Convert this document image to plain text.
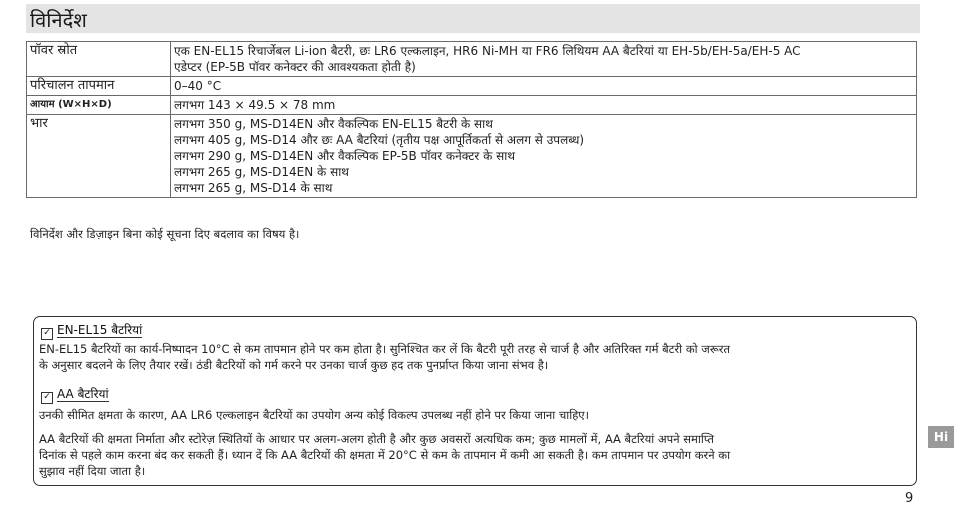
विनिर्देश
पॉवर स्रोत	एक EN-EL15 रिचार्जेबल Li-ion बैटरी, छः LR6 एल्कलाइन, HR6 Ni-MH या FR6 लिथियम AA बैटरियां या EH-5b/EH-5a/EH-5 AC
एडेप्टर (EP-5B पॉवर कनेक्टर की आवश्यकता होती है)

परिचालन तापमान	0–40 °C

आयाम (W×H×D)	लगभग 143 × 49.5 × 78 mm

भार	लगभग 350 g, MS-D14EN और वैकल्पिक EN-EL15 बैटरी के साथ
लगभग 405 g, MS-D14 और छः AA बैटरियां (तृतीय पक्ष आपूर्तिकर्ता से अलग से उपलब्ध)
लगभग 290 g, MS-D14EN और वैकल्पिक EP-5B पॉवर कनेक्टर के साथ
लगभग 265 g, MS-D14EN के साथ
लगभग 265 g, MS-D14 के साथ
विनिर्देश और डिज़ाइन बिना कोई सूचना दिए बदलाव का विषय है।
✓ EN-EL15 बैटरियां
EN-EL15 बैटरियों का कार्य-निष्पादन 10°C से कम तापमान होने पर कम होता है। सुनिश्चित कर लें कि बैटरी पूरी तरह से चार्ज है और अतिरिक्त गर्म बैटरी को जरूरत
के अनुसार बदलने के लिए तैयार रखें। ठंडी बैटरियों को गर्म करने पर उनका चार्ज कुछ हद तक पुनर्प्राप्त किया जाना संभव है।
✓ AA बैटरियां
उनकी सीमित क्षमता के कारण, AA LR6 एल्कलाइन बैटरियों का उपयोग अन्य कोई विकल्प उपलब्ध नहीं होने पर किया जाना चाहिए।
AA बैटरियों की क्षमता निर्माता और स्टोरेज़ स्थितियों के आधार पर अलग-अलग होती है और कुछ अवसरों अत्यधिक कम; कुछ मामलों में, AA बैटरियां अपने समाप्ति
दिनांक से पहले काम करना बंद कर सकती हैं। ध्यान दें कि AA बैटरियों की क्षमता में 20°C से कम के तापमान में कमी आ सकती है। कम तापमान पर उपयोग करने का
सुझाव नहीं दिया जाता है।
Hi
9
